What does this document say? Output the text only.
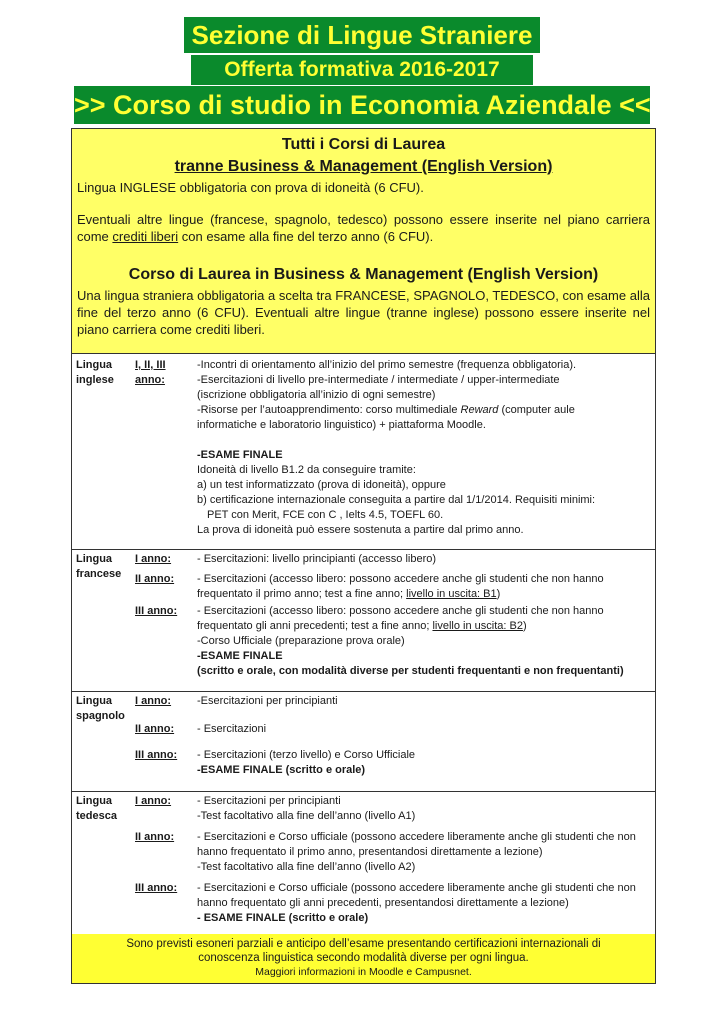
Sezione di Lingue Straniere
Offerta formativa 2016-2017
>> Corso di studio in Economia Aziendale <<
Tutti i Corsi di Laurea
tranne Business & Management (English Version)
Lingua INGLESE obbligatoria con prova di idoneità (6 CFU).
Eventuali altre lingue (francese, spagnolo, tedesco) possono essere inserite nel piano carriera come crediti liberi con esame alla fine del terzo anno (6 CFU).
Corso di Laurea in Business & Management (English Version)
Una lingua straniera obbligatoria a scelta tra FRANCESE, SPAGNOLO, TEDESCO, con esame alla fine del terzo anno (6 CFU). Eventuali altre lingue (tranne inglese) possono essere inserite nel piano carriera come crediti liberi.
Lingua
inglese
I, II, III
anno:
-Incontri di orientamento all’inizio del primo semestre (frequenza obbligatoria).
-Esercitazioni di livello pre-intermediate / intermediate / upper-intermediate
(iscrizione obbligatoria all’inizio di ogni semestre)
-Risorse per l’autoapprendimento: corso multimediale Reward (computer aule
informatiche e laboratorio linguistico) + piattaforma Moodle.

-ESAME FINALE
Idoneità di livello B1.2 da conseguire tramite:
a) un test informatizzato (prova di idoneità), oppure
b) certificazione internazionale conseguita a partire dal 1/1/2014. Requisiti minimi:
PET con Merit, FCE con C , Ielts 4.5, TOEFL 60.
La prova di idoneità può essere sostenuta a partire dal primo anno.
Lingua
francese
I anno:
II anno:
III anno:
- Esercitazioni: livello principianti (accesso libero)
- Esercitazioni (accesso libero: possono accedere anche gli studenti che non hanno
frequentato il primo anno; test a fine anno; livello in uscita: B1)
- Esercitazioni (accesso libero: possono accedere anche gli studenti che non hanno
frequentato gli anni precedenti; test a fine anno; livello in uscita: B2)
-Corso Ufficiale (preparazione prova orale)
-ESAME FINALE
(scritto e orale, con modalità diverse per studenti frequentanti e non frequentanti)
Lingua
spagnolo
I anno:
II anno:
III anno:
-Esercitazioni per principianti
- Esercitazioni
- Esercitazioni (terzo livello) e Corso Ufficiale
-ESAME FINALE (scritto e orale)
Lingua
tedesca
I anno:
II anno:
III anno:
- Esercitazioni per principianti
-Test facoltativo alla fine dell’anno (livello A1)
- Esercitazioni e Corso ufficiale (possono accedere liberamente anche gli studenti che non
hanno frequentato il primo anno, presentandosi direttamente a lezione)
-Test facoltativo alla fine dell’anno (livello A2)
- Esercitazioni e Corso ufficiale (possono accedere liberamente anche gli studenti che non
hanno frequentato gli anni precedenti, presentandosi direttamente a lezione)
- ESAME FINALE (scritto e orale)
Sono previsti esoneri parziali e anticipo dell’esame presentando certificazioni internazionali di
conoscenza linguistica secondo modalità diverse per ogni lingua.
Maggiori informazioni in Moodle e Campusnet.
